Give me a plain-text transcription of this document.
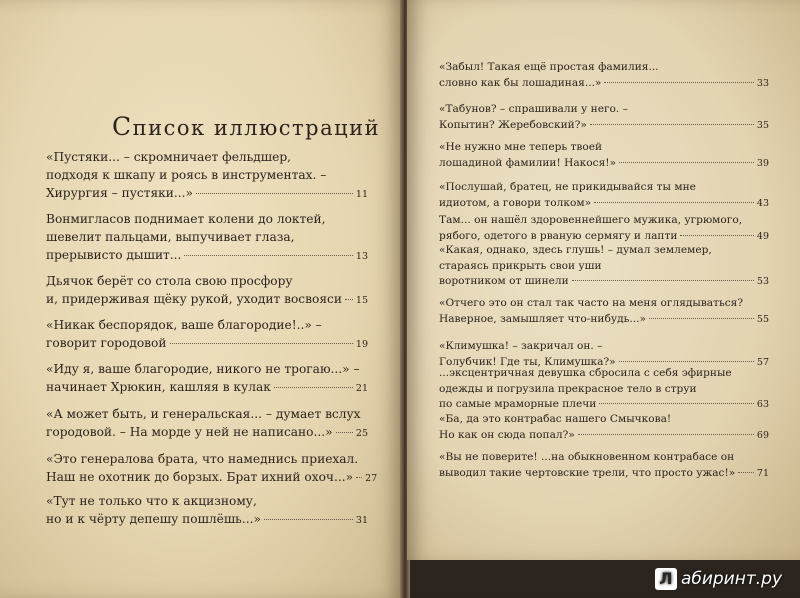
Список иллюстраций
«Пустяки... – скромничает фельдшер,
подходя к шкапу и роясь в инструментах. –
Хирургия – пустяки...»	11
Вонмигласов поднимает колени до локтей,
шевелит пальцами, выпучивает глаза,
прерывисто дышит...	13
Дьячок берёт со стола свою просфору
и, придерживая щёку рукой, уходит восвояси 15
«Никак беспорядок, ваше благородие!..» –
говорит городовой	19
«Иду я, ваше благородие, никого не трогаю...» –
начинает Хрюкин, кашляя в кулак	21
«А может быть, и генеральская... – думает вслух
городовой. – На морде у ней не написано...» 25
«Это генералова брата, что намеднись приехал.
Наш не охотник до борзых. Брат ихний охоч...» 27
«Тут не только что к акцизному,
но и к чёрту депешу пошлёшь...»	31
«Забыл! Такая ещё простая фамилия...
словно как бы лошадиная...»	33
«Табунов? – спрашивали у него. –
Копытин? Жеребовский?»	35
«Не нужно мне теперь твоей
лошадиной фамилии! Накося!»	39
«Послушай, братец, не прикидывайся ты мне
идиотом, а говори толком»	43
Там... он нашёл здоровеннейшего мужика, угрюмого,
рябого, одетого в рваную сермягу и лапти	49
«Какая, однако, здесь глушь! – думал землемер,
стараясь прикрыть свои уши
воротником от шинели	53
«Отчего это он стал так часто на меня оглядываться?
Наверное, замышляет что-нибудь...»	55
«Климушка! – закричал он. –
Голубчик! Где ты, Климушка?»	57
...эксцентричная девушка сбросила с себя эфирные
одежды и погрузила прекрасное тело в струи
по самые мраморные плечи	63
«Ба, да это контрабас нашего Смычкова!
Но как он сюда попал?»	69
«Вы не поверите! ...на обыкновенном контрабасе он
выводил такие чертовские трели, что просто ужас!» 71
Л абиринт.ру
